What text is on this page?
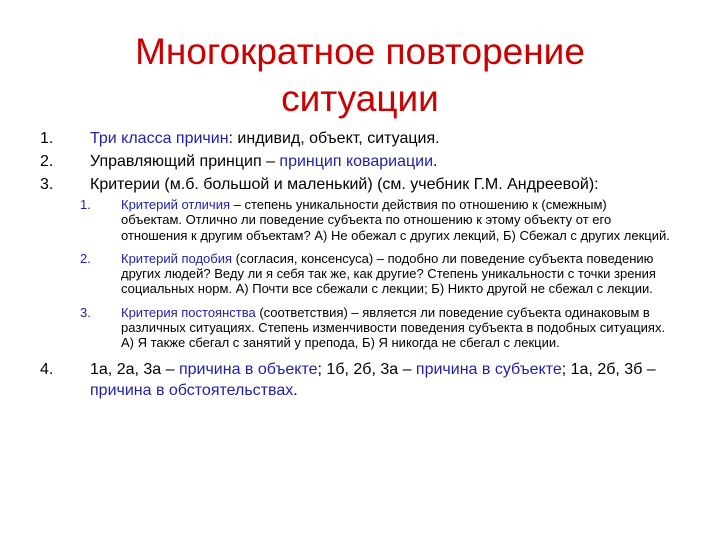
Многократное повторение
ситуации
1. Три класса причин: индивид, объект, ситуация.
2. Управляющий принцип – принцип ковариации.
3. Критерии (м.б. большой и маленький) (см. учебник Г.М. Андреевой):
1. Критерий отличия – степень уникальности действия по отношению к (смежным) объектам. Отлично ли поведение субъекта по отношению к этому объекту от его отношения к другим объектам? А) Не обежал с других лекций, Б) Сбежал с других лекций.
2. Критерий подобия (согласия, консенсуса) – подобно ли поведение субъекта поведению других людей? Веду ли я себя так же, как другие? Степень уникальности с точки зрения социальных норм. А) Почти все сбежали с лекции; Б) Никто другой не сбежал с лекции.
3. Критерия постоянства (соответствия) – является ли поведение субъекта одинаковым в различных ситуациях. Степень изменчивости поведения субъекта в подобных ситуациях. А) Я также сбегал с занятий у препода, Б) Я никогда не сбегал с лекции.
4. 1а, 2а, 3а – причина в объекте; 1б, 2б, 3а – причина в субъекте; 1а, 2б, 3б – причина в обстоятельствах.
